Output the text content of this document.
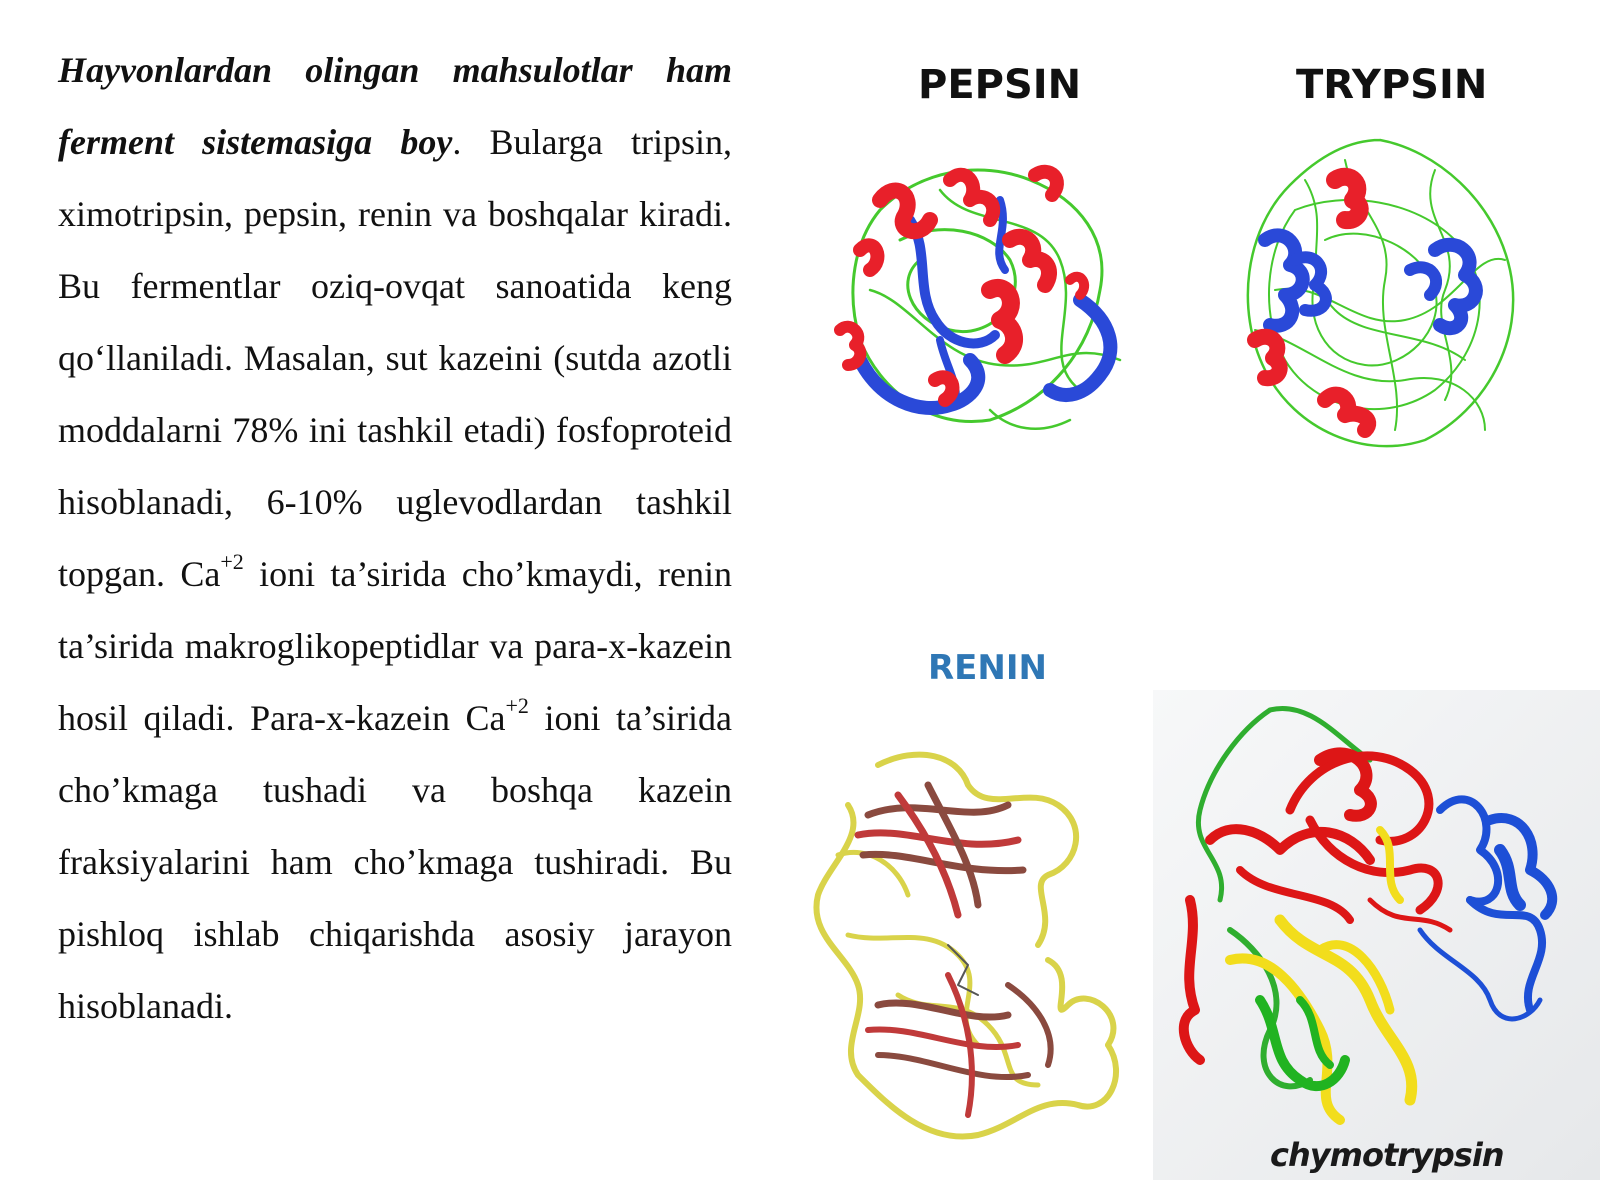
Hayvonlardan olingan mahsulotlar ham ferment sistemasiga boy. Bularga tripsin, ximotripsin, pepsin, renin va boshqalar kiradi. Bu fermentlar oziq-ovqat sanoatida keng qo‘llaniladi. Masalan, sut kazeini (sutda azotli moddalarni 78% ini tashkil etadi) fosfoproteid hisoblanadi, 6-10% uglevodlardan tashkil topgan. $Ca^{+2}$ ioni ta’sirida cho’kmaydi, renin ta’sirida makroglikopeptidlar va para-x-kazein hosil qiladi. Para-x-kazein $Ca^{+2}$ ioni ta’sirida cho’kmaga tushadi va boshqa kazein fraksiyalarini ham cho’kmaga tushiradi. Bu pishloq ishlab chiqarishda asosiy jarayon hisoblanadi.
PEPSIN	TRYPSIN
RENIN
chymotrypsin
